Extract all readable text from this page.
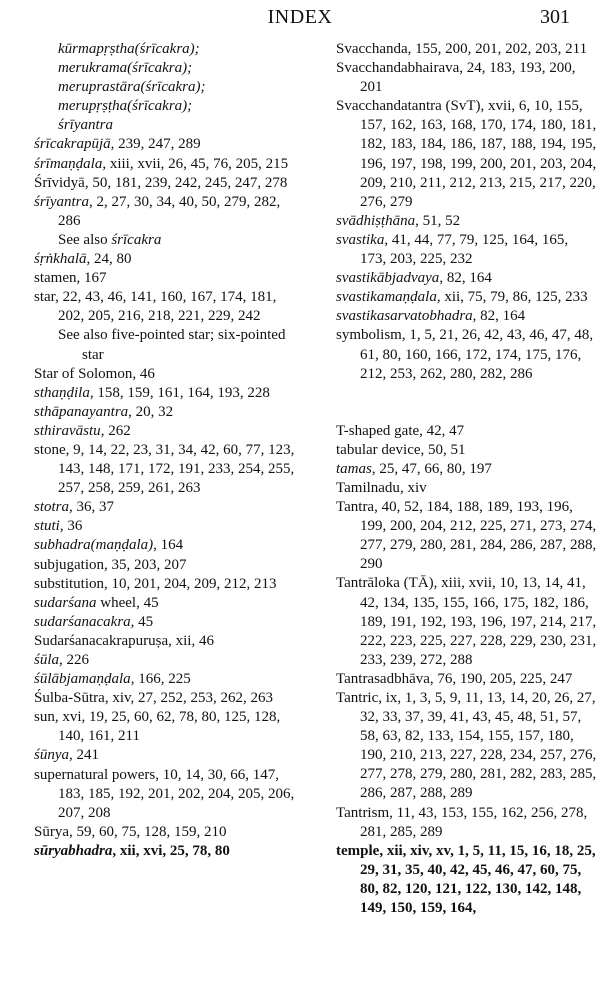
INDEX	301
kūrmapṛṣtha(śrīcakra);
merukrama(śrīcakra);
meruprastāra(śrīcakra);
merupṛṣṭha(śrīcakra);
śrīyantra
śrīcakrapūjā, 239, 247, 289
śrīmaṇḍala, xiii, xvii, 26, 45, 76, 205, 215
Śrīvidyā, 50, 181, 239, 242, 245, 247, 278
śrīyantra, 2, 27, 30, 34, 40, 50, 279, 282, 286
See also śrīcakra
śṛṅkhalā, 24, 80
stamen, 167
star, 22, 43, 46, 141, 160, 167, 174, 181, 202, 205, 216, 218, 221, 229, 242
See also five-pointed star; six-pointed star
Star of Solomon, 46
sthaṇḍila, 158, 159, 161, 164, 193, 228
sthāpanayantra, 20, 32
sthiravāstu, 262
stone, 9, 14, 22, 23, 31, 34, 42, 60, 77, 123, 143, 148, 171, 172, 191, 233, 254, 255, 257, 258, 259, 261, 263
stotra, 36, 37
stuti, 36
subhadra(maṇḍala), 164
subjugation, 35, 203, 207
substitution, 10, 201, 204, 209, 212, 213
sudarśana wheel, 45
sudarśanacakra, 45
Sudarśanacakrapuruṣa, xii, 46
śūla, 226
śūlābjamaṇḍala, 166, 225
Śulba-Sūtra, xiv, 27, 252, 253, 262, 263
sun, xvi, 19, 25, 60, 62, 78, 80, 125, 128, 140, 161, 211
śūnya, 241
supernatural powers, 10, 14, 30, 66, 147, 183, 185, 192, 201, 202, 204, 205, 206, 207, 208
Sūrya, 59, 60, 75, 128, 159, 210
sūryabhadra, xii, xvi, 25, 78, 80
Svacchanda, 155, 200, 201, 202, 203, 211
Svacchandabhairava, 24, 183, 193, 200, 201
Svacchandatantra (SvT), xvii, 6, 10, 155, 157, 162, 163, 168, 170, 174, 180, 181, 182, 183, 184, 186, 187, 188, 194, 195, 196, 197, 198, 199, 200, 201, 203, 204, 209, 210, 211, 212, 213, 215, 217, 220, 276, 279
svādhiṣṭhāna, 51, 52
svastika, 41, 44, 77, 79, 125, 164, 165, 173, 203, 225, 232
svastikābjadvaya, 82, 164
svastikamaṇḍala, xii, 75, 79, 86, 125, 233
svastikasarvatobhadra, 82, 164
symbolism, 1, 5, 21, 26, 42, 43, 46, 47, 48, 61, 80, 160, 166, 172, 174, 175, 176, 212, 253, 262, 280, 282, 286
T-shaped gate, 42, 47
tabular device, 50, 51
tamas, 25, 47, 66, 80, 197
Tamilnadu, xiv
Tantra, 40, 52, 184, 188, 189, 193, 196, 199, 200, 204, 212, 225, 271, 273, 274, 277, 279, 280, 281, 284, 286, 287, 288, 290
Tantrāloka (TĀ), xiii, xvii, 10, 13, 14, 41, 42, 134, 135, 155, 166, 175, 182, 186, 189, 191, 192, 193, 196, 197, 214, 217, 222, 223, 225, 227, 228, 229, 230, 231, 233, 239, 272, 288
Tantrasadbhāva, 76, 190, 205, 225, 247
Tantric, ix, 1, 3, 5, 9, 11, 13, 14, 20, 26, 27, 32, 33, 37, 39, 41, 43, 45, 48, 51, 57, 58, 63, 82, 133, 154, 155, 157, 180, 190, 210, 213, 227, 228, 234, 257, 276, 277, 278, 279, 280, 281, 282, 283, 285, 286, 287, 288, 289
Tantrism, 11, 43, 153, 155, 162, 256, 278, 281, 285, 289
temple, xii, xiv, xv, 1, 5, 11, 15, 16, 18, 25, 29, 31, 35, 40, 42, 45, 46, 47, 60, 75, 80, 82, 120, 121, 122, 130, 142, 148, 149, 150, 159, 164,
